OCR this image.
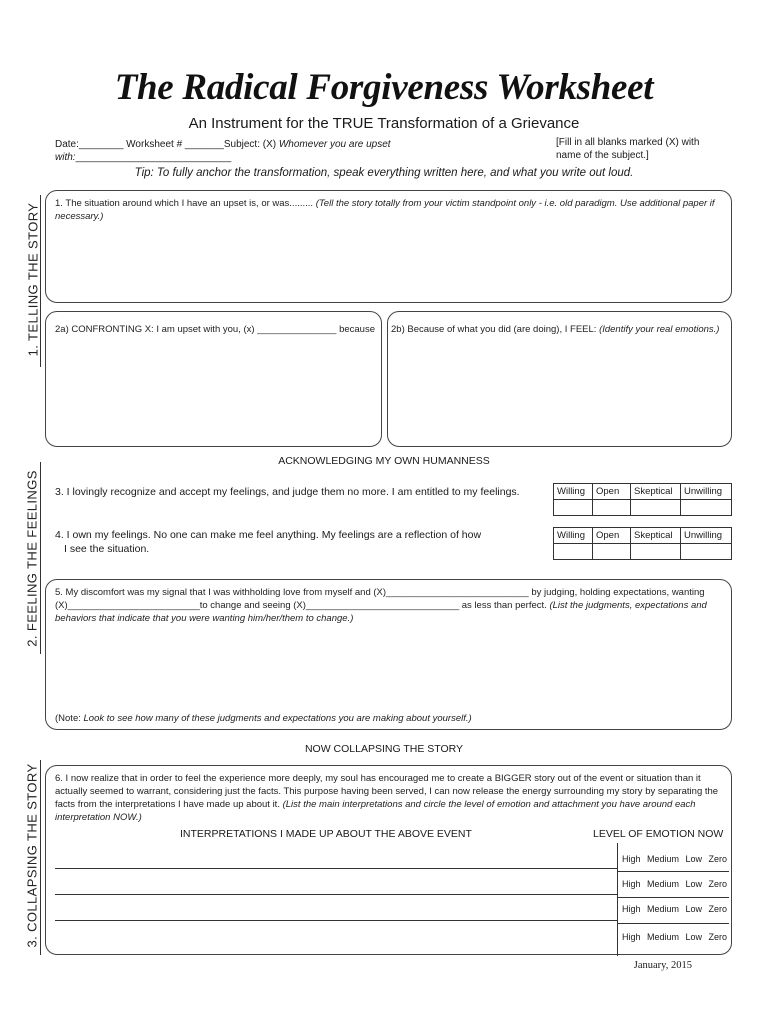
The Radical Forgiveness Worksheet
An Instrument for the TRUE Transformation of a Grievance
Date:________ Worksheet # _______Subject: (X) Whomever you are upset with:____________________________
[Fill in all blanks marked (X) with name of the subject.]
Tip: To fully anchor the transformation, speak everything written here, and what you write out loud.
1. TELLING THE STORY
2. FEELING THE FEELINGS
3. COLLAPSING THE STORY
1. The situation around which I have an upset is, or was......... (Tell the story totally from your victim standpoint only - i.e. old paradigm. Use additional paper if necessary.)
2a) CONFRONTING X: I am upset with you, (x) _______________ because	2b) Because of what you did (are doing), I FEEL: (Identify your real emotions.)
ACKNOWLEDGING MY OWN HUMANNESS
3. I lovingly recognize and accept my feelings, and judge them no more. I am entitled to my feelings.	Willing	Open	Skeptical	Unwilling

4. I own my feelings. No one can make me feel anything. My feelings are a reflection of how
I see the situation.
Willing	Open	Skeptical	Unwilling

5. My discomfort was my signal that I was withholding love from myself and (X)___________________________ by judging, holding expectations, wanting
(X)_________________________to change and seeing (X)_____________________________ as less than perfect. (List the judgments, expectations and
behaviors that indicate that you were wanting him/her/them to change.)
(Note: Look to see how many of these judgments and expectations you are making about yourself.)
NOW COLLAPSING THE STORY
6. I now realize that in order to feel the experience more deeply, my soul has encouraged me to create a BIGGER story out of the event or situation than it actually seemed to warrant, considering just the facts. This purpose having been served, I can now release the energy surrounding my story by separating the facts from the interpretations I have made up about it. (List the main interpretations and circle the level of emotion and attachment you have around each interpretation NOW.)
INTERPRETATIONS I MADE UP ABOUT THE ABOVE EVENT	LEVEL OF EMOTION NOW
High Medium Low Zero
High Medium Low Zero
High Medium Low Zero
High Medium Low Zero
January, 2015
